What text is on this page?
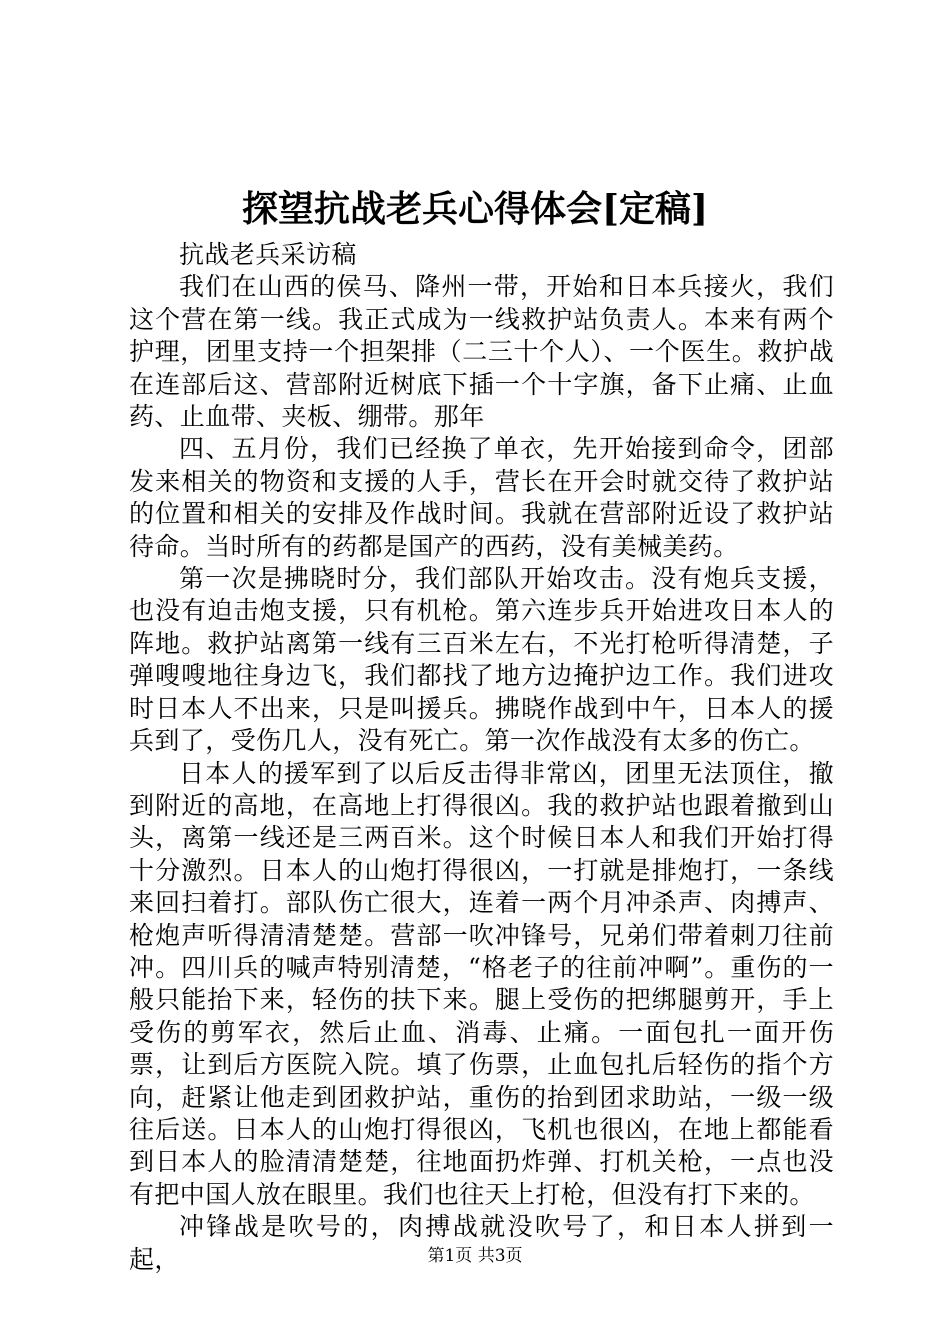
探望抗战老兵心得体会[定稿]

抗战老兵采访稿

我们在山西的侯马、降州一带，开始和日本兵接火，我们这个营在第一线。我正式成为一线救护站负责人。本来有两个护理，团里支持一个担架排（二三十个人）、一个医生。救护战在连部后这、营部附近树底下插一个十字旗，备下止痛、止血药、止血带、夹板、绷带。那年

四、五月份，我们已经换了单衣，先开始接到命令，团部发来相关的物资和支援的人手，营长在开会时就交待了救护站的位置和相关的安排及作战时间。我就在营部附近设了救护站待命。当时所有的药都是国产的西药，没有美械美药。

第一次是拂晓时分，我们部队开始攻击。没有炮兵支援，也没有迫击炮支援，只有机枪。第六连步兵开始进攻日本人的阵地。救护站离第一线有三百米左右，不光打枪听得清楚，子弹嗖嗖地往身边飞，我们都找了地方边掩护边工作。我们进攻时日本人不出来，只是叫援兵。拂晓作战到中午，日本人的援兵到了，受伤几人，没有死亡。第一次作战没有太多的伤亡。

日本人的援军到了以后反击得非常凶，团里无法顶住，撤到附近的高地，在高地上打得很凶。我的救护站也跟着撤到山头，离第一线还是三两百米。这个时候日本人和我们开始打得十分激烈。日本人的山炮打得很凶，一打就是排炮打，一条线来回扫着打。部队伤亡很大，连着一两个月冲杀声、肉搏声、枪炮声听得清清楚楚。营部一吹冲锋号，兄弟们带着刺刀往前冲。四川兵的喊声特别清楚，“格老子的往前冲啊”。重伤的一般只能抬下来，轻伤的扶下来。腿上受伤的把绑腿剪开，手上受伤的剪军衣，然后止血、消毒、止痛。一面包扎一面开伤票，让到后方医院入院。填了伤票，止血包扎后轻伤的指个方向，赶紧让他走到团救护站，重伤的抬到团求助站，一级一级往后送。日本人的山炮打得很凶，飞机也很凶，在地上都能看到日本人的脸清清楚楚，往地面扔炸弹、打机关枪，一点也没有把中国人放在眼里。我们也往天上打枪，但没有打下来的。

冲锋战是吹号的，肉搏战就没吹号了，和日本人拼到一起，	第1页 共3页
